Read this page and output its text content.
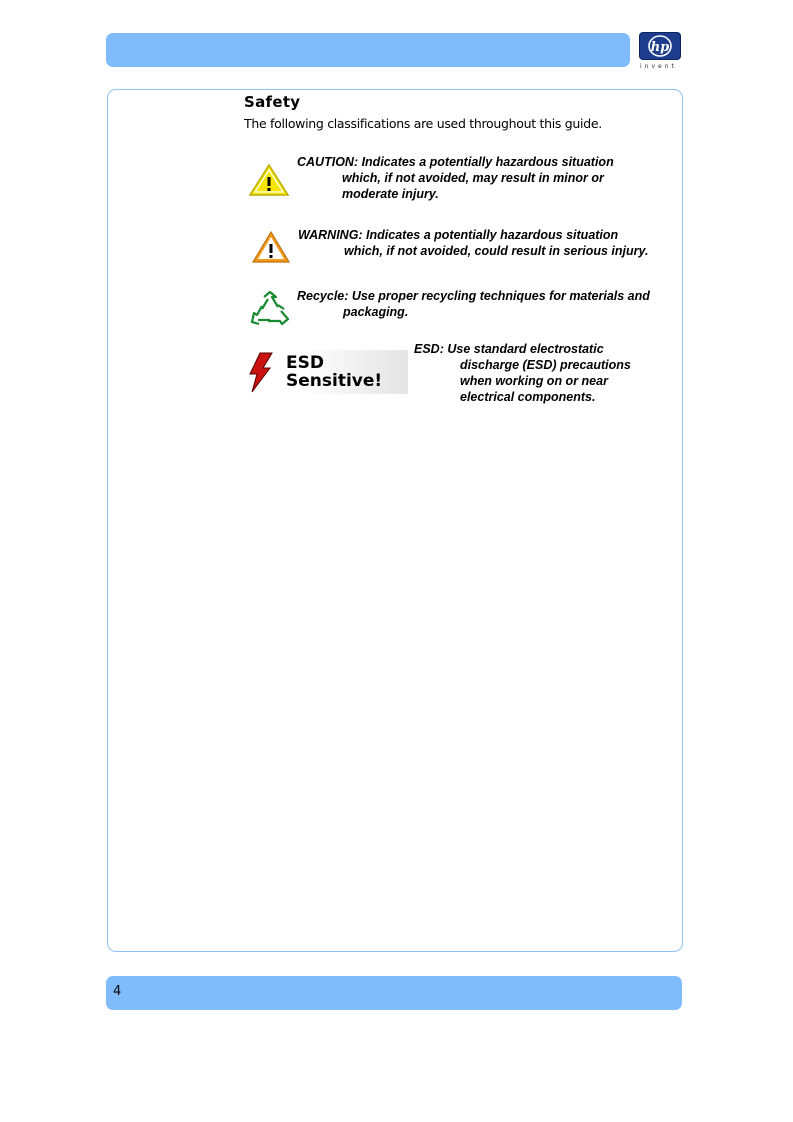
hp
invent
Safety
The following classifications are used throughout this guide.
CAUTION: Indicates a potentially hazardous situation
which, if not avoided, may result in minor or
moderate injury.
WARNING: Indicates a potentially hazardous situation
which, if not avoided, could result in serious injury.
Recycle: Use proper recycling techniques for materials and
packaging.
ESD
Sensitive!
ESD: Use standard electrostatic
discharge (ESD) precautions
when working on or near
electrical components.
4
